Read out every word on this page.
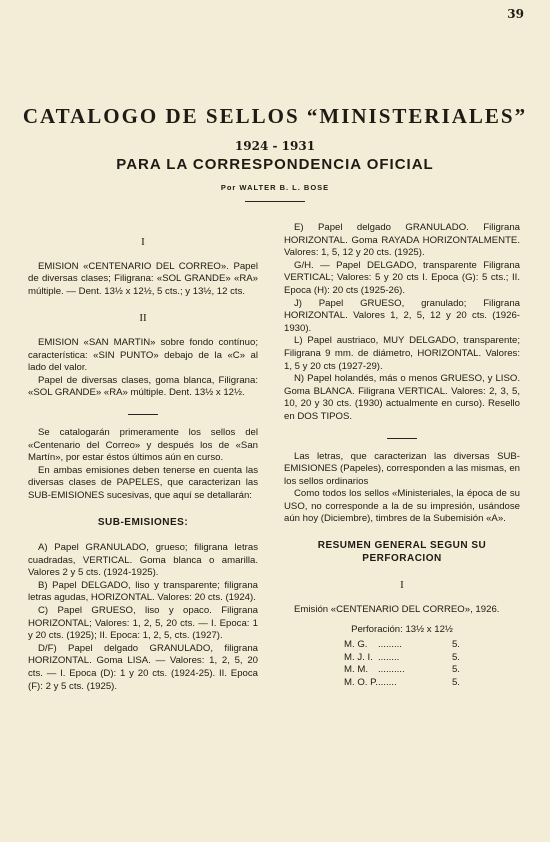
39
CATALOGO DE SELLOS “MINISTERIALES”
1924 - 1931
PARA LA CORRESPONDENCIA OFICIAL
Por WALTER B. L. BOSE
I

EMISION «CENTENARIO DEL CORREO». Papel de diversas clases; Filigrana: «SOL GRANDE» «RA» múltiple. — Dent. 13½ x 12½, 5 cts.; y 13½, 12 cts.

II

EMISION «SAN MARTIN» sobre fondo contínuo; característica: «SIN PUNTO» debajo de la «C» al lado del valor.

Papel de diversas clases, goma blanca, Filigrana: «SOL GRANDE» «RA» múltiple. Dent. 13½ x 12½.

Se catalogarán primeramente los sellos del «Centenario del Correo» y después los de «San Martín», por estar éstos últimos aún en curso.

En ambas emisiones deben tenerse en cuenta las diversas clases de PAPELES, que caracterizan las SUB-EMISIONES sucesivas, que aquí se detallarán:

SUB-EMISIONES:

A) Papel GRANULADO, grueso; filigrana letras cuadradas, VERTICAL. Goma blanca o amarilla. Valores 2 y 5 cts. (1924-1925).

B) Papel DELGADO, liso y transparente; filigrana letras agudas, HORIZONTAL. Valores: 20 cts. (1924).

C) Papel GRUESO, liso y opaco. Filigrana HORIZONTAL; Valores: 1, 2, 5, 20 cts. — I. Epoca: 1 y 20 cts. (1925); II. Epoca: 1, 2, 5, cts. (1927).

D/F) Papel delgado GRANULADO, filigrana HORIZONTAL. Goma LISA. — Valores: 1, 2, 5, 20 cts. — I. Epoca (D): 1 y 20 cts. (1924-25). II. Epoca (F): 2 y 5 cts. (1925).

E) Papel delgado GRANULADO. Filigrana HORIZONTAL. Goma RAYADA HORIZONTALMENTE. Valores: 1, 5, 12 y 20 cts. (1925).

G/H. — Papel DELGADO, transparente Filigrana VERTICAL; Valores: 5 y 20 cts I. Epoca (G): 5 cts.; II. Epoca (H): 20 cts (1925-26).

J) Papel GRUESO, granulado; Filigrana HORIZONTAL. Valores 1, 2, 5, 12 y 20 cts. (1926-1930).

L) Papel austriaco, MUY DELGADO, transparente; Filigrana 9 mm. de diámetro, HORIZONTAL. Valores: 1, 5 y 20 cts (1927-29).

N) Papel holandés, más o menos GRUESO, y LISO. Goma BLANCA. Filigrana VERTICAL. Valores: 2, 3, 5, 10, 20 y 30 cts. (1930) actualmente en curso). Resello en DOS TIPOS.

Las letras, que caracterizan las diversas SUB-EMISIONES (Papeles), corresponden a las mismas, en los sellos ordinarios

Como todos los sellos «Ministeriales, la época de su USO, no corresponde a la de su impresión, usándose aún hoy (Diciembre), timbres de la Subemisión «A».

RESUMEN GENERAL SEGUN SU PERFORACION
I

Emisión «CENTENARIO DEL CORREO», 1926.

Perforación: 13½ x 12½
M. G.	.........	5.
M. J. I.	........	5.
M. M.	..........	5.
M. O. P.	.......	5.
